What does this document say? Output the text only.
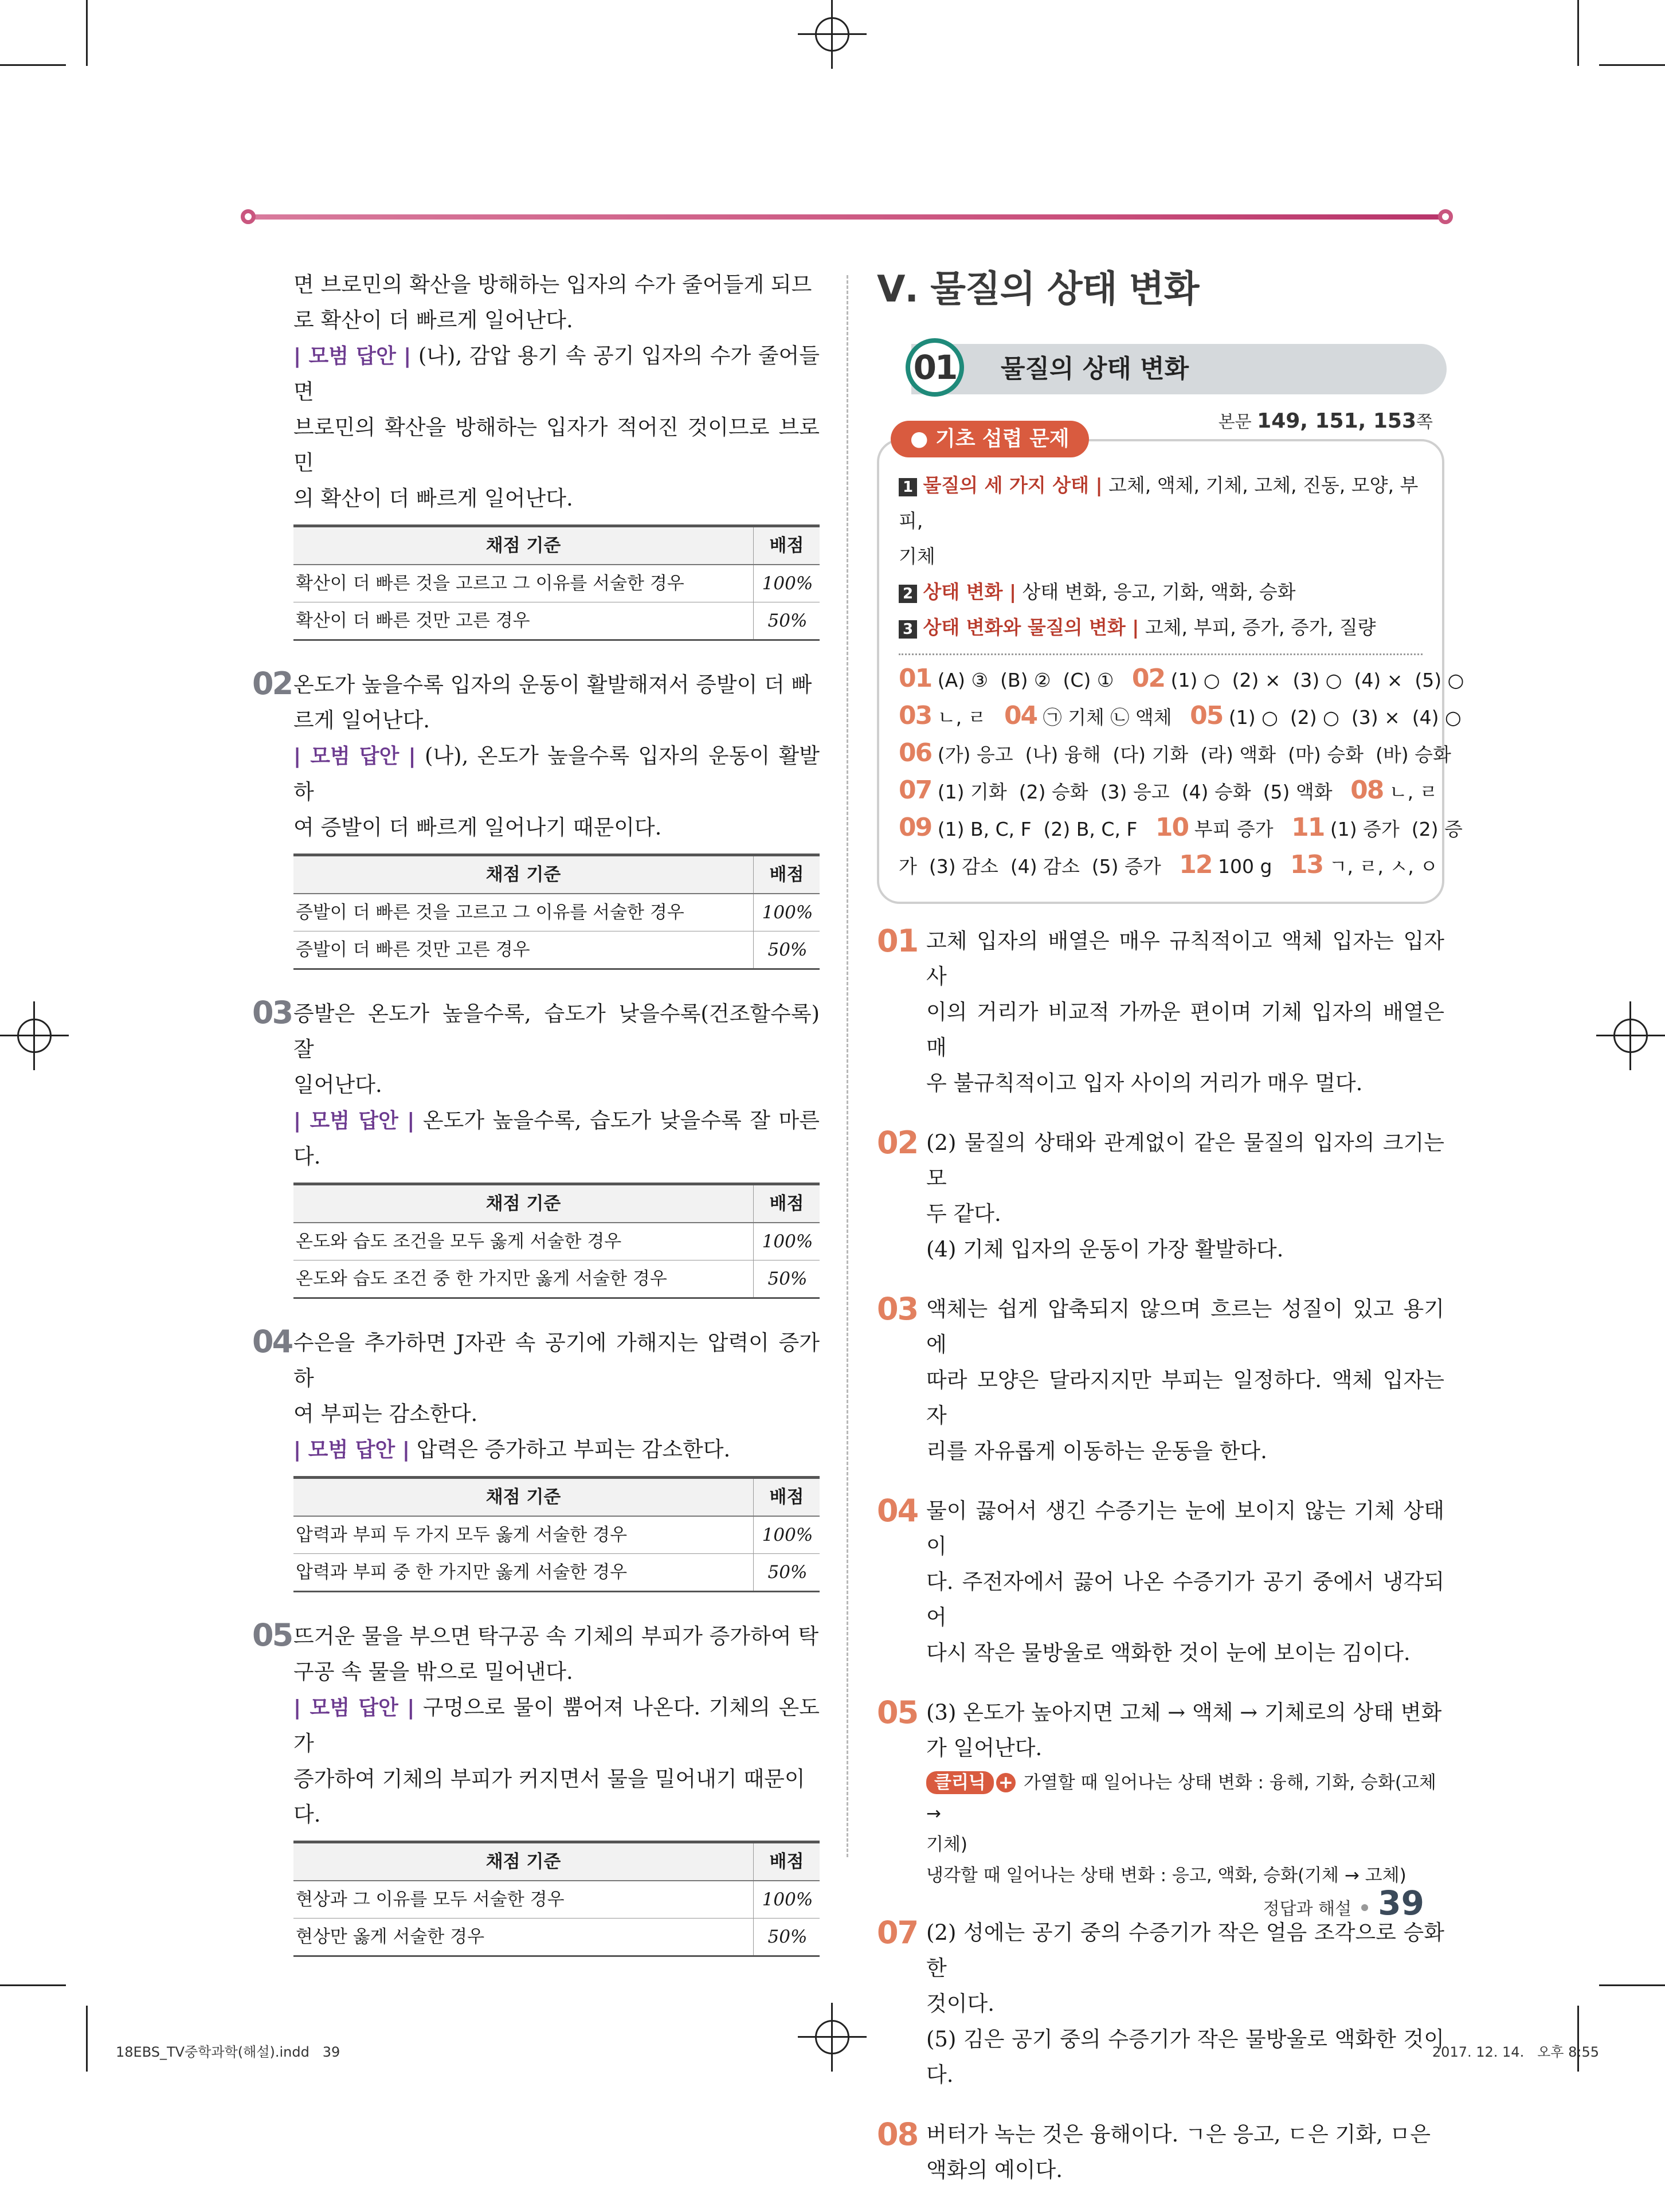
면 브로민의 확산을 방해하는 입자의 수가 줄어들게 되므

로 확산이 더 빠르게 일어난다.

| 모범 답안 | (나), 감압 용기 속 공기 입자의 수가 줄어들면

브로민의 확산을 방해하는 입자가 적어진 것이므로 브로민

의 확산이 더 빠르게 일어난다.

채점 기준	배점
확산이 더 빠른 것을 고르고 그 이유를 서술한 경우	100%
확산이 더 빠른 것만 고른 경우	50%
02 온도가 높을수록 입자의 운동이 활발해져서 증발이 더 빠

르게 일어난다.

| 모범 답안 | (나), 온도가 높을수록 입자의 운동이 활발하

여 증발이 더 빠르게 일어나기 때문이다.

채점 기준	배점
증발이 더 빠른 것을 고르고 그 이유를 서술한 경우	100%
증발이 더 빠른 것만 고른 경우	50%
03 증발은 온도가 높을수록, 습도가 낮을수록(건조할수록) 잘

일어난다.

| 모범 답안 | 온도가 높을수록, 습도가 낮을수록 잘 마른다.

채점 기준	배점
온도와 습도 조건을 모두 옳게 서술한 경우	100%
온도와 습도 조건 중 한 가지만 옳게 서술한 경우	50%
04 수은을 추가하면 J자관 속 공기에 가해지는 압력이 증가하

여 부피는 감소한다.

| 모범 답안 | 압력은 증가하고 부피는 감소한다.

채점 기준	배점
압력과 부피 두 가지 모두 옳게 서술한 경우	100%
압력과 부피 중 한 가지만 옳게 서술한 경우	50%
05 뜨거운 물을 부으면 탁구공 속 기체의 부피가 증가하여 탁

구공 속 물을 밖으로 밀어낸다.

| 모범 답안 | 구멍으로 물이 뿜어져 나온다. 기체의 온도가

증가하여 기체의 부피가 커지면서 물을 밀어내기 때문이

다.

채점 기준	배점
현상과 그 이유를 모두 서술한 경우	100%
현상만 옳게 서술한 경우	50%
Ⅴ. 물질의 상태 변화
01	물질의 상태 변화
본문 149, 151, 153쪽
● 기초 섭렵 문제
1 물질의 세 가지 상태 | 고체, 액체, 기체, 고체, 진동, 모양, 부피,
기체
2 상태 변화 | 상태 변화, 응고, 기화, 액화, 승화
3 상태 변화와 물질의 변화 | 고체, 부피, 증가, 증가, 질량
01 (A) ③  (B) ②  (C) ①   02 (1) ○  (2) ×  (3) ○  (4) ×  (5) ○
03 ㄴ, ㄹ   04 ㉠ 기체 ㉡ 액체   05 (1) ○  (2) ○  (3) ×  (4) ○
06 (가) 응고  (나) 융해  (다) 기화  (라) 액화  (마) 승화  (바) 승화
07 (1) 기화  (2) 승화  (3) 응고  (4) 승화  (5) 액화   08 ㄴ, ㄹ
09 (1) B, C, F  (2) B, C, F   10 부피 증가   11 (1) 증가  (2) 증
가  (3) 감소  (4) 감소  (5) 증가   12 100 g   13 ㄱ, ㄹ, ㅅ, ㅇ
01 고체 입자의 배열은 매우 규칙적이고 액체 입자는 입자 사

이의 거리가 비교적 가까운 편이며 기체 입자의 배열은 매

우 불규칙적이고 입자 사이의 거리가 매우 멀다.

02 (2) 물질의 상태와 관계없이 같은 물질의 입자의 크기는 모

두 같다.

(4) 기체 입자의 운동이 가장 활발하다.

03 액체는 쉽게 압축되지 않으며 흐르는 성질이 있고 용기에

따라 모양은 달라지지만 부피는 일정하다. 액체 입자는 자

리를 자유롭게 이동하는 운동을 한다.

04 물이 끓어서 생긴 수증기는 눈에 보이지 않는 기체 상태이

다. 주전자에서 끓어 나온 수증기가 공기 중에서 냉각되어

다시 작은 물방울로 액화한 것이 눈에 보이는 김이다.

05 (3) 온도가 높아지면 고체 → 액체 → 기체로의 상태 변화

가 일어난다.

클리닉 + 가열할 때 일어나는 상태 변화 : 융해, 기화, 승화(고체 →
기체)
냉각할 때 일어나는 상태 변화 : 응고, 액화, 승화(기체 → 고체)
07 (2) 성에는 공기 중의 수증기가 작은 얼음 조각으로 승화한

것이다.

(5) 김은 공기 중의 수증기가 작은 물방울로 액화한 것이다.

08 버터가 녹는 것은 융해이다. ㄱ은 응고, ㄷ은 기화, ㅁ은

액화의 예이다.

정답과 해설 39
18EBS_TV중학과학(해설).indd   39	2017. 12. 14.   오후 8:55
